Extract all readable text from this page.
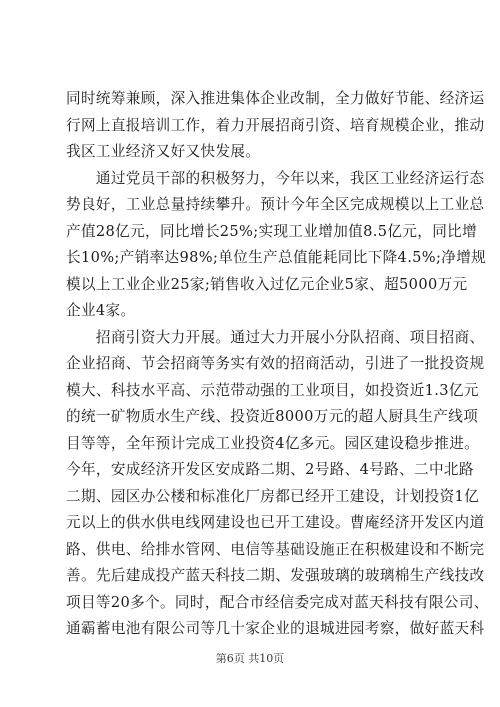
同时统筹兼顾，深入推进集体企业改制，全力做好节能、经济运
行网上直报培训工作，着力开展招商引资、培育规模企业，推动
我区工业经济又好又快发展。
　　通过党员干部的积极努力，今年以来，我区工业经济运行态
势良好，工业总量持续攀升。预计今年全区完成规模以上工业总
产值28亿元，同比增长25%;实现工业增加值8.5亿元，同比增
长10%;产销率达98%;单位生产总值能耗同比下降4.5%;净增规
模以上工业企业25家;销售收入过亿元企业5家、超5000万元
企业4家。
　　招商引资大力开展。通过大力开展小分队招商、项目招商、
企业招商、节会招商等务实有效的招商活动，引进了一批投资规
模大、科技水平高、示范带动强的工业项目，如投资近1.3亿元
的统一矿物质水生产线、投资近8000万元的超人厨具生产线项
目等等，全年预计完成工业投资4亿多元。园区建设稳步推进。
今年，安成经济开发区安成路二期、2号路、4号路、二中北路
二期、园区办公楼和标准化厂房都已经开工建设，计划投资1亿
元以上的供水供电线网建设也已开工建设。曹庵经济开发区内道
路、供电、给排水管网、电信等基础设施正在积极建设和不断完
善。先后建成投产蓝天科技二期、发强玻璃的玻璃棉生产线技改
项目等20多个。同时，配合市经信委完成对蓝天科技有限公司、
通霸蓄电池有限公司等几十家企业的退城进园考察，做好蓝天科
第6页 共10页
